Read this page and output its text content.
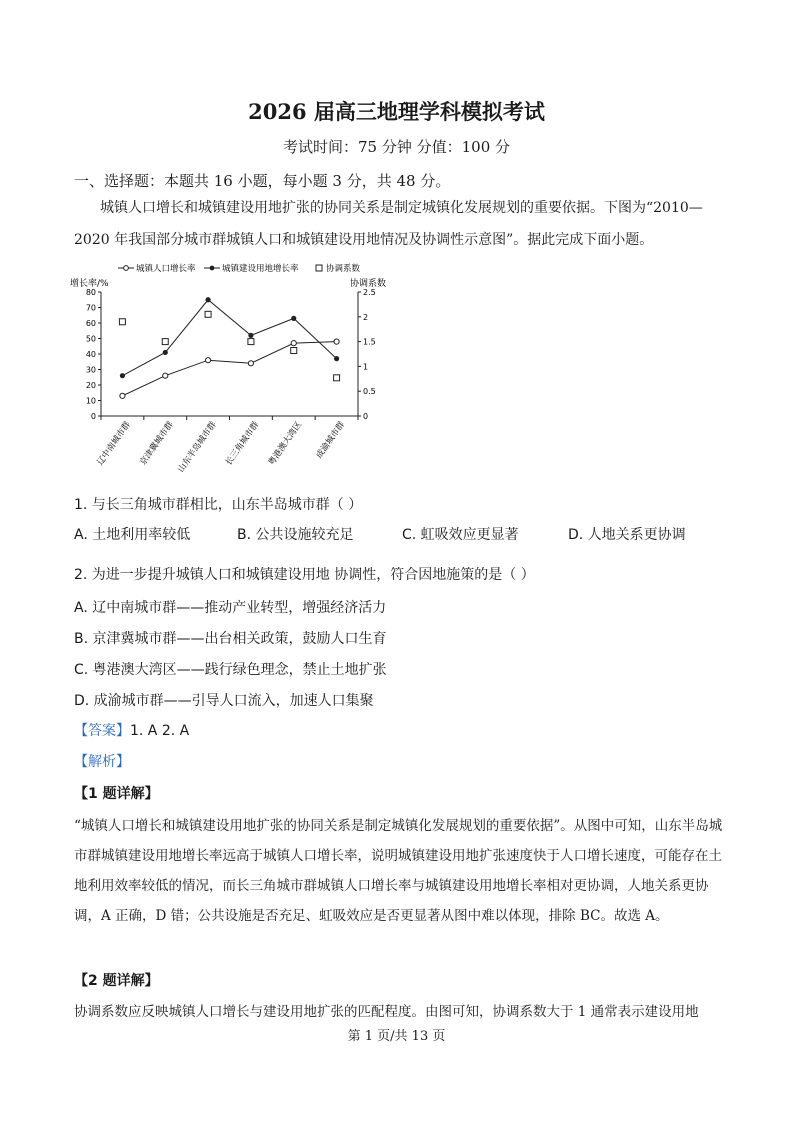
2026 届高三地理学科模拟考试
考试时间：75 分钟 分值：100 分
一、选择题：本题共 16 小题，每小题 3 分，共 48 分。
城镇人口增长和城镇建设用地扩张的协同关系是制定城镇化发展规划的重要依据。下图为“2010—
2020 年我国部分城市群城镇人口和城镇建设用地情况及协调性示意图”。据此完成下面小题。
城镇人口增长率	城镇建设用地增长率	协调系数
增长率/%	协调系数
0
10
20
30
40
50
60
70
80
0
0.5
1
1.5
2
2.5
辽中南城市群 京津冀城市群 山东半岛城市群 长三角城市群 粤港澳大湾区 成渝城市群
1. 与长三角城市群相比，山东半岛城市群（ ）
A. 土地利用率较低	B. 公共设施较充足	C. 虹吸效应更显著	D. 人地关系更协调
2. 为进一步提升城镇人口和城镇建设用地 协调性，符合因地施策的是（ ）
A. 辽中南城市群——推动产业转型，增强经济活力
B. 京津冀城市群——出台相关政策，鼓励人口生育
C. 粤港澳大湾区——践行绿色理念，禁止土地扩张
D. 成渝城市群——引导人口流入，加速人口集聚
【答案】1. A 2. A
【解析】
【1 题详解】
“城镇人口增长和城镇建设用地扩张的协同关系是制定城镇化发展规划的重要依据”。从图中可知，山东半岛城市群城镇建设用地增长率远高于城镇人口增长率，说明城镇建设用地扩张速度快于人口增长速度，可能存在土地利用效率较低的情况，而长三角城市群城镇人口增长率与城镇建设用地增长率相对更协调，人地关系更协调，A 正确，D 错；公共设施是否充足、虹吸效应是否更显著从图中难以体现，排除 BC。故选 A。
【2 题详解】
协调系数应反映城镇人口增长与建设用地扩张的匹配程度。由图可知，协调系数大于 1 通常表示建设用地
第 1 页/共 13 页
